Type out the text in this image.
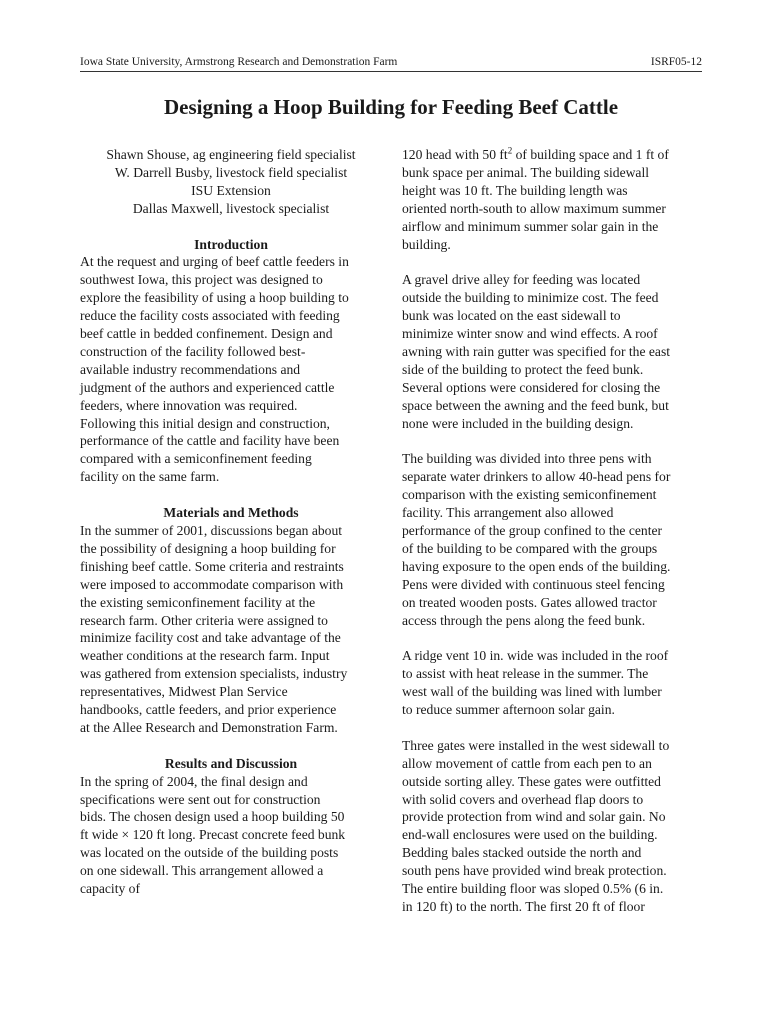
Iowa State University, Armstrong Research and Demonstration Farm	ISRF05-12
Designing a Hoop Building for Feeding Beef Cattle
Shawn Shouse, ag engineering field specialist
W. Darrell Busby, livestock field specialist
ISU Extension
Dallas Maxwell, livestock specialist
Introduction
At the request and urging of beef cattle feeders in
southwest Iowa, this project was designed to
explore the feasibility of using a hoop building to
reduce the facility costs associated with feeding
beef cattle in bedded confinement. Design and
construction of the facility followed best-
available industry recommendations and
judgment of the authors and experienced cattle
feeders, where innovation was required.
Following this initial design and construction,
performance of the cattle and facility have been
compared with a semiconfinement feeding
facility on the same farm.
Materials and Methods
In the summer of 2001, discussions began about
the possibility of designing a hoop building for
finishing beef cattle. Some criteria and restraints
were imposed to accommodate comparison with
the existing semiconfinement facility at the
research farm. Other criteria were assigned to
minimize facility cost and take advantage of the
weather conditions at the research farm. Input
was gathered from extension specialists, industry
representatives, Midwest Plan Service
handbooks, cattle feeders, and prior experience
at the Allee Research and Demonstration Farm.
Results and Discussion
In the spring of 2004, the final design and
specifications were sent out for construction
bids. The chosen design used a hoop building 50
ft wide × 120 ft long. Precast concrete feed bunk
was located on the outside of the building posts
on one sidewall. This arrangement allowed a
capacity of
120 head with 50 $ft^2$ of building space and 1 ft of
bunk space per animal. The building sidewall
height was 10 ft. The building length was
oriented north-south to allow maximum summer
airflow and minimum summer solar gain in the
building.
A gravel drive alley for feeding was located
outside the building to minimize cost. The feed
bunk was located on the east sidewall to
minimize winter snow and wind effects. A roof
awning with rain gutter was specified for the east
side of the building to protect the feed bunk.
Several options were considered for closing the
space between the awning and the feed bunk, but
none were included in the building design.
The building was divided into three pens with
separate water drinkers to allow 40-head pens for
comparison with the existing semiconfinement
facility. This arrangement also allowed
performance of the group confined to the center
of the building to be compared with the groups
having exposure to the open ends of the building.
Pens were divided with continuous steel fencing
on treated wooden posts. Gates allowed tractor
access through the pens along the feed bunk.
A ridge vent 10 in. wide was included in the roof
to assist with heat release in the summer. The
west wall of the building was lined with lumber
to reduce summer afternoon solar gain.
Three gates were installed in the west sidewall to
allow movement of cattle from each pen to an
outside sorting alley. These gates were outfitted
with solid covers and overhead flap doors to
provide protection from wind and solar gain. No
end-wall enclosures were used on the building.
Bedding bales stacked outside the north and
south pens have provided wind break protection.
The entire building floor was sloped 0.5% (6 in.
in 120 ft) to the north. The first 20 ft of floor
